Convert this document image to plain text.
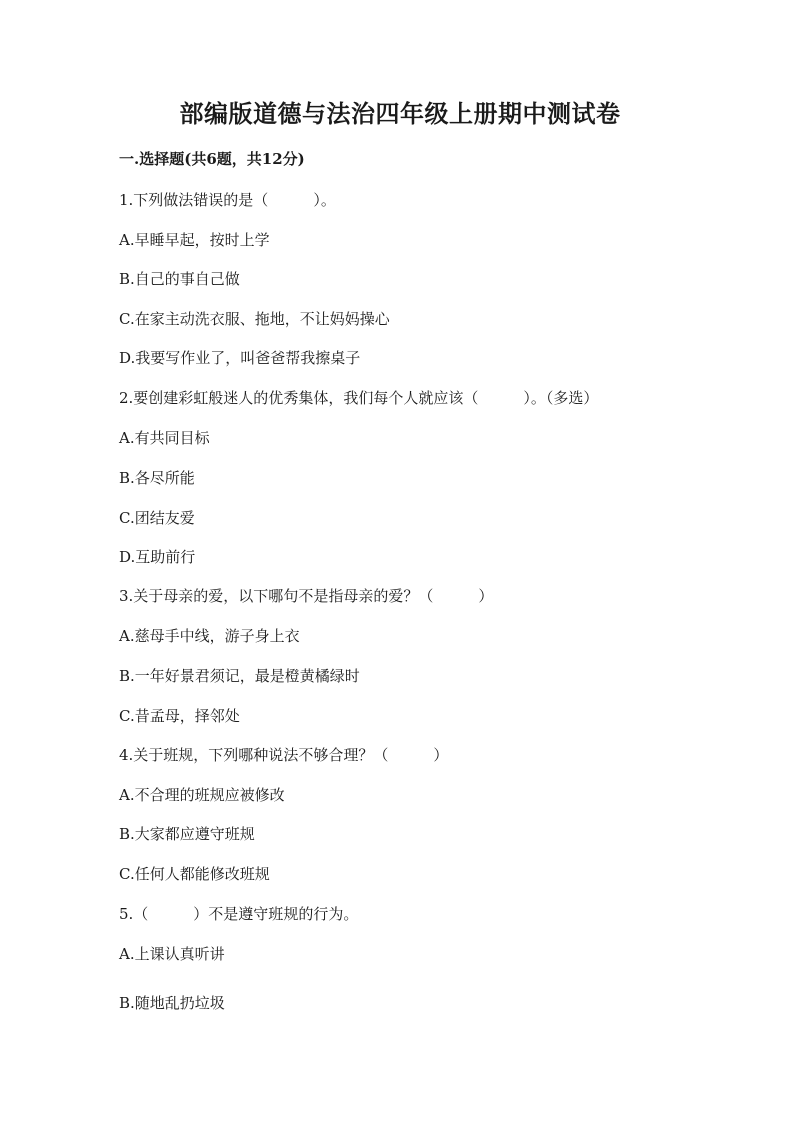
部编版道德与法治四年级上册期中测试卷
一.选择题(共6题，共12分)
1.下列做法错误的是（　　　）。
A.早睡早起，按时上学
B.自己的事自己做
C.在家主动洗衣服、拖地，不让妈妈操心
D.我要写作业了，叫爸爸帮我擦桌子
2.要创建彩虹般迷人的优秀集体，我们每个人就应该（　　　）。（多选）
A.有共同目标
B.各尽所能
C.团结友爱
D.互助前行
3.关于母亲的爱，以下哪句不是指母亲的爱？（　　　）
A.慈母手中线，游子身上衣
B.一年好景君须记，最是橙黄橘绿时
C.昔孟母，择邻处
4.关于班规，下列哪种说法不够合理？（　　　）
A.不合理的班规应被修改
B.大家都应遵守班规
C.任何人都能修改班规
5.（　　　）不是遵守班规的行为。
A.上课认真听讲
B.随地乱扔垃圾
